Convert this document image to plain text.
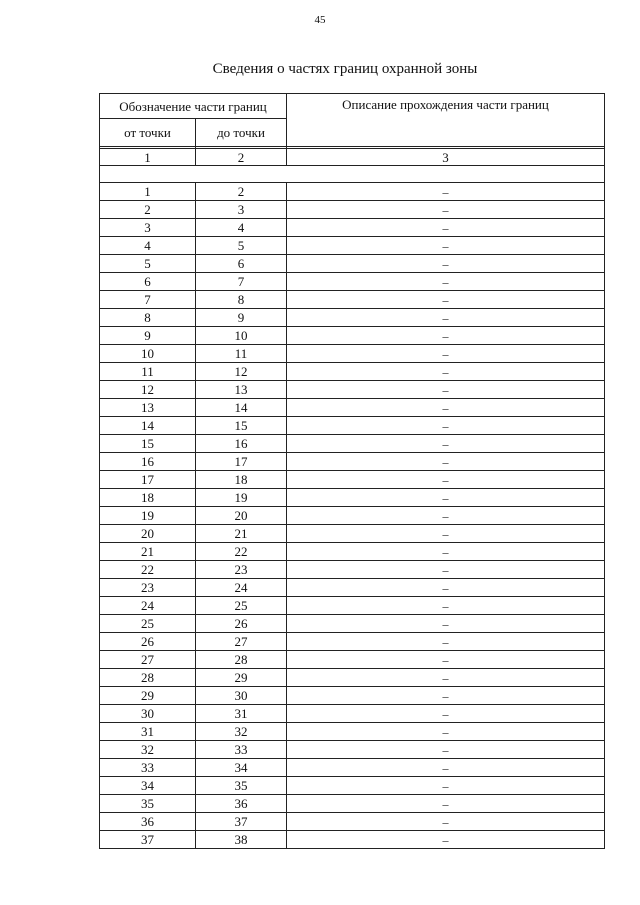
45
Сведения о частях границ охранной зоны
Обозначение части границ		Описание прохождения части границ
от точки	до точки	

1	2	3

1	2	–
2	3	–
3	4	–
4	5	–
5	6	–
6	7	–
7	8	–
8	9	–
9	10	–
10	11	–
11	12	–
12	13	–
13	14	–
14	15	–
15	16	–
16	17	–
17	18	–
18	19	–
19	20	–
20	21	–
21	22	–
22	23	–
23	24	–
24	25	–
25	26	–
26	27	–
27	28	–
28	29	–
29	30	–
30	31	–
31	32	–
32	33	–
33	34	–
34	35	–
35	36	–
36	37	–
37	38	–
